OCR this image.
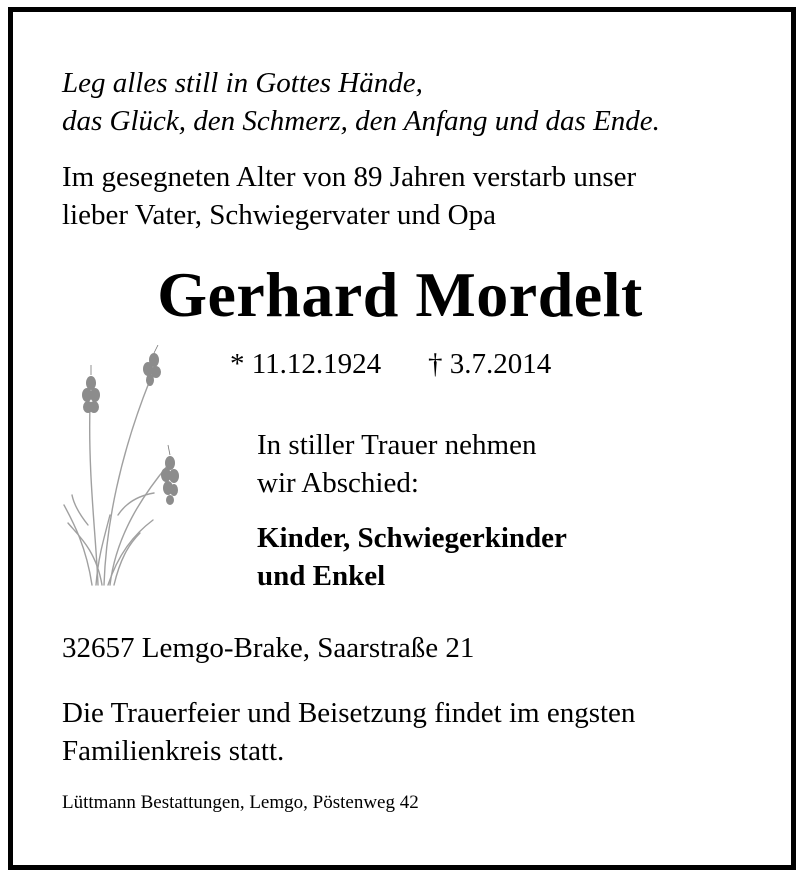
Leg alles still in Gottes Hände,
das Glück, den Schmerz, den Anfang und das Ende.
Im gesegneten Alter von 89 Jahren verstarb unser
lieber Vater, Schwiegervater und Opa
Gerhard Mordelt
* 11.12.1924 † 3.7.2014
In stiller Trauer nehmen
wir Abschied:
Kinder, Schwiegerkinder
und Enkel
32657 Lemgo-Brake, Saarstraße 21
Die Trauerfeier und Beisetzung findet im engsten
Familienkreis statt.
Lüttmann Bestattungen, Lemgo, Pöstenweg 42
